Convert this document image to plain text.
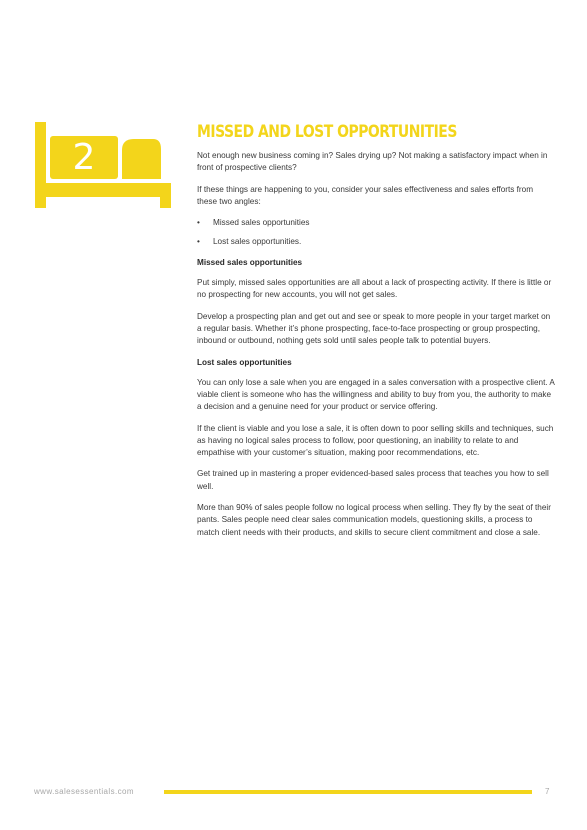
2
MISSED AND LOST OPPORTUNITIES

Not enough new business coming in? Sales drying up? Not making a satisfactory impact when in front of prospective clients?

If these things are happening to you, consider your sales effectiveness and sales efforts from these two angles:

• Missed sales opportunities
• Lost sales opportunities.

Missed sales opportunities

Put simply, missed sales opportunities are all about a lack of prospecting activity. If there is little or no prospecting for new accounts, you will not get sales.

Develop a prospecting plan and get out and see or speak to more people in your target market on a regular basis. Whether it’s phone prospecting, face-to-face prospecting or group prospecting, inbound or outbound, nothing gets sold until sales people talk to potential buyers.

Lost sales opportunities

You can only lose a sale when you are engaged in a sales conversation with a prospective client. A viable client is someone who has the willingness and ability to buy from you, the authority to make a decision and a genuine need for your product or service offering.

If the client is viable and you lose a sale, it is often down to poor selling skills and techniques, such as having no logical sales process to follow, poor questioning, an inability to relate to and empathise with your customer’s situation, making poor recommendations, etc.

Get trained up in mastering a proper evidenced-based sales process that teaches you how to sell well.

More than 90% of sales people follow no logical process when selling. They fly by the seat of their pants. Sales people need clear sales communication models, questioning skills, a process to match client needs with their products, and skills to secure client commitment and close a sale.

www.salesessentials.com	7
